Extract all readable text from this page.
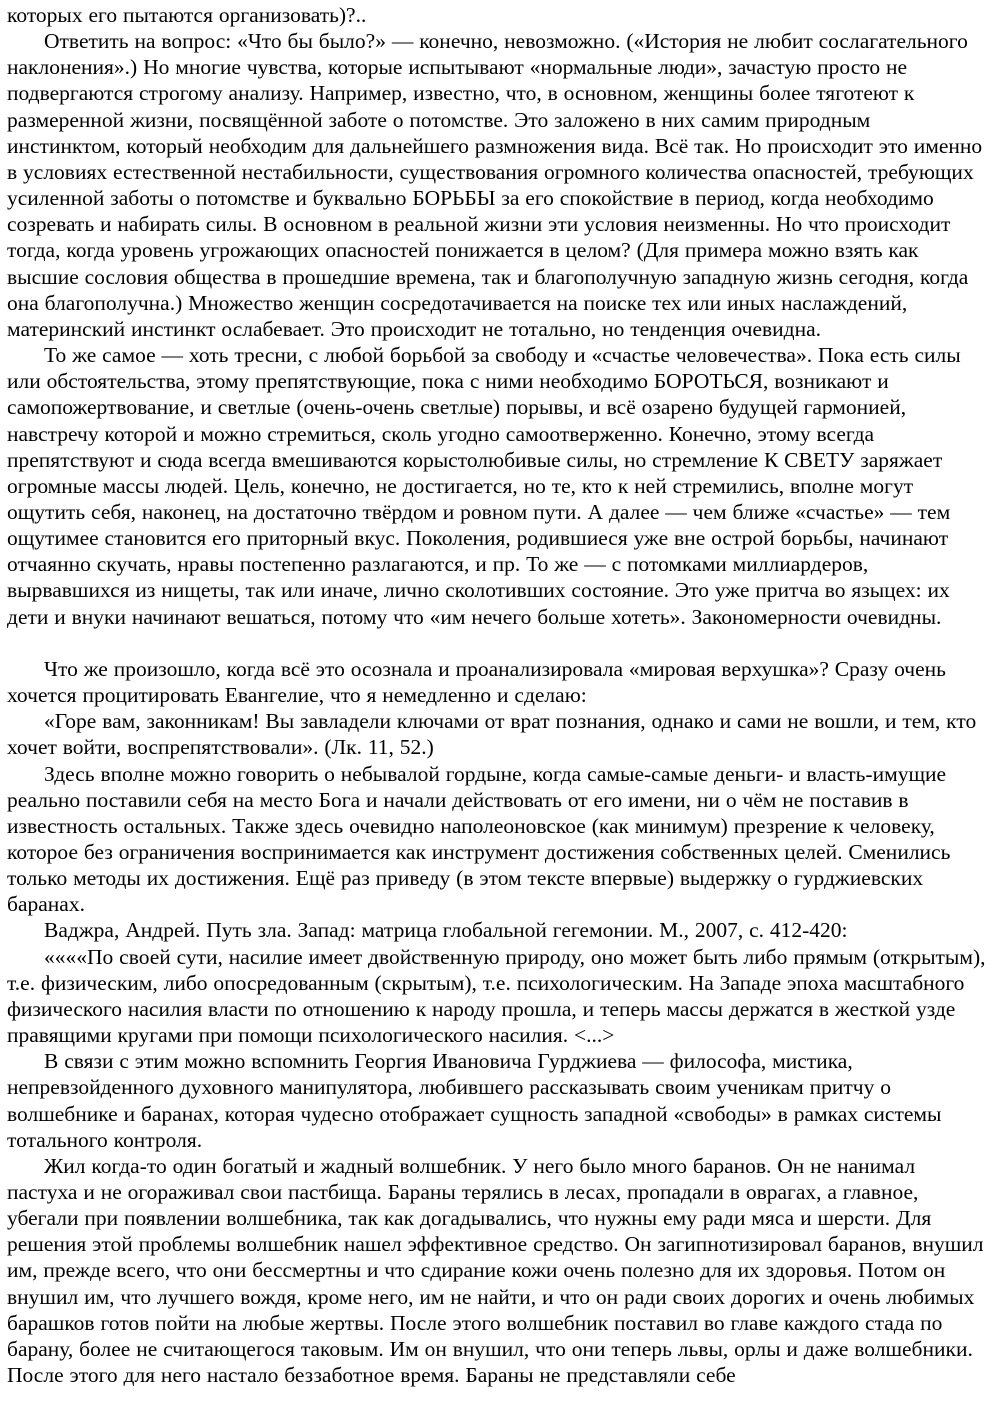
которых его пытаются организовать)?..

Ответить на вопрос: «Что бы было?» — конечно, невозможно. («История не любит сослагательного наклонения».) Но многие чувства, которые испытывают «нормальные люди», зачастую просто не подвергаются строгому анализу. Например, известно, что, в основном, женщины более тяготеют к размеренной жизни, посвящённой заботе о потомстве. Это заложено в них самим природным инстинктом, который необходим для дальнейшего размножения вида. Всё так. Но происходит это именно в условиях естественной нестабильности, существования огромного количества опасностей, требующих усиленной заботы о потомстве и буквально БОРЬБЫ за его спокойствие в период, когда необходимо созревать и набирать силы. В основном в реальной жизни эти условия неизменны. Но что происходит тогда, когда уровень угрожающих опасностей понижается в целом? (Для примера можно взять как высшие сословия общества в прошедшие времена, так и благополучную западную жизнь сегодня, когда она благополучна.) Множество женщин сосредотачивается на поиске тех или иных наслаждений, материнский инстинкт ослабевает. Это происходит не тотально, но тенденция очевидна.

То же самое — хоть тресни, с любой борьбой за свободу и «счастье человечества». Пока есть силы или обстоятельства, этому препятствующие, пока с ними необходимо БОРОТЬСЯ, возникают и самопожертвование, и светлые (очень-очень светлые) порывы, и всё озарено будущей гармонией, навстречу которой и можно стремиться, сколь угодно самоотверженно. Конечно, этому всегда препятствуют и сюда всегда вмешиваются корыстолюбивые силы, но стремление К СВЕТУ заряжает огромные массы людей. Цель, конечно, не достигается, но те, кто к ней стремились, вполне могут ощутить себя, наконец, на достаточно твёрдом и ровном пути. А далее — чем ближе «счастье» — тем ощутимее становится его приторный вкус. Поколения, родившиеся уже вне острой борьбы, начинают отчаянно скучать, нравы постепенно разлагаются, и пр. То же — с потомками миллиардеров, вырвавшихся из нищеты, так или иначе, лично сколотивших состояние. Это уже притча во языцех: их дети и внуки начинают вешаться, потому что «им нечего больше хотеть». Закономерности очевидны.

Что же произошло, когда всё это осознала и проанализировала «мировая верхушка»? Сразу очень хочется процитировать Евангелие, что я немедленно и сделаю:

«Горе вам, законникам! Вы завладели ключами от врат познания, однако и сами не вошли, и тем, кто хочет войти, воспрепятствовали». (Лк. 11, 52.)

Здесь вполне можно говорить о небывалой гордыне, когда самые-самые деньги- и власть-имущие реально поставили себя на место Бога и начали действовать от его имени, ни о чём не поставив в известность остальных. Также здесь очевидно наполеоновское (как минимум) презрение к человеку, которое без ограничения воспринимается как инструмент достижения собственных целей. Сменились только методы их достижения. Ещё раз приведу (в этом тексте впервые) выдержку о гурджиевских баранах.

Ваджра, Андрей. Путь зла. Запад: матрица глобальной гегемонии. М., 2007, с. 412-420:

««««По своей сути, насилие имеет двойственную природу, оно может быть либо прямым (открытым), т.е. физическим, либо опосредованным (скрытым), т.е. психологическим. На Западе эпоха масштабного физического насилия власти по отношению к народу прошла, и теперь массы держатся в жесткой узде правящими кругами при помощи психологического насилия. <...>

В связи с этим можно вспомнить Георгия Ивановича Гурджиева — философа, мистика, непревзойденного духовного манипулятора, любившего рассказывать своим ученикам притчу о волшебнике и баранах, которая чудесно отображает сущность западной «свободы» в рамках системы тотального контроля.

Жил когда-то один богатый и жадный волшебник. У него было много баранов. Он не нанимал пастуха и не огораживал свои пастбища. Бараны терялись в лесах, пропадали в оврагах, а главное, убегали при появлении волшебника, так как догадывались, что нужны ему ради мяса и шерсти. Для решения этой проблемы волшебник нашел эффективное средство. Он загипнотизировал баранов, внушил им, прежде всего, что они бессмертны и что сдирание кожи очень полезно для их здоровья. Потом он внушил им, что лучшего вождя, кроме него, им не найти, и что он ради своих дорогих и очень любимых барашков готов пойти на любые жертвы. После этого волшебник поставил во главе каждого стада по барану, более не считающегося таковым. Им он внушил, что они теперь львы, орлы и даже волшебники. После этого для него настало беззаботное время. Бараны не представляли себе
